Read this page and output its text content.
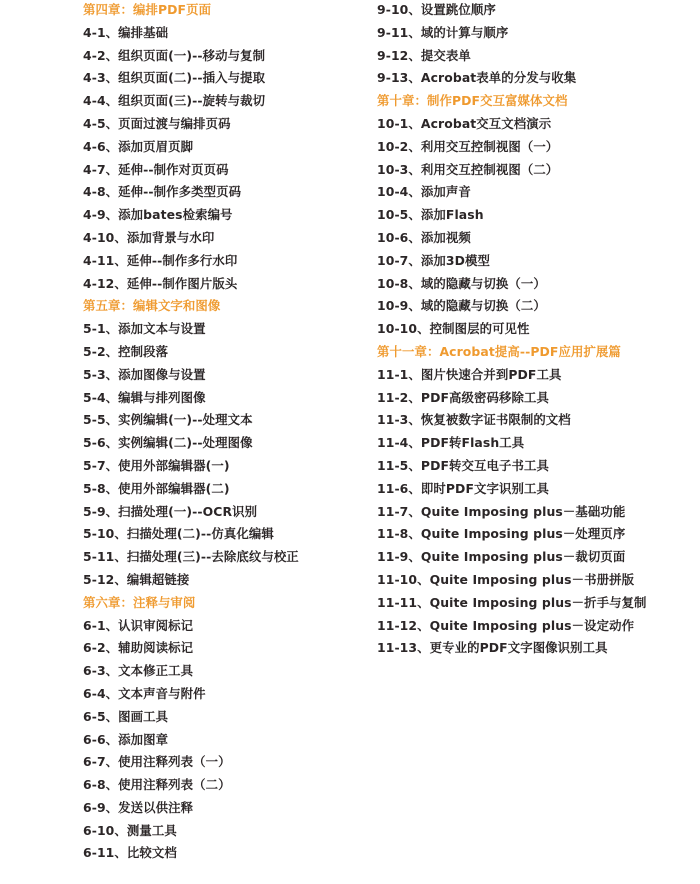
第四章：编排PDF页面
4-1、编排基础
4-2、组织页面(一)--移动与复制
4-3、组织页面(二)--插入与提取
4-4、组织页面(三)--旋转与裁切
4-5、页面过渡与编排页码
4-6、添加页眉页脚
4-7、延伸--制作对页页码
4-8、延伸--制作多类型页码
4-9、添加bates检索编号
4-10、添加背景与水印
4-11、延伸--制作多行水印
4-12、延伸--制作图片版头
第五章：编辑文字和图像
5-1、添加文本与设置
5-2、控制段落
5-3、添加图像与设置
5-4、编辑与排列图像
5-5、实例编辑(一)--处理文本
5-6、实例编辑(二)--处理图像
5-7、使用外部编辑器(一)
5-8、使用外部编辑器(二)
5-9、扫描处理(一)--OCR识别
5-10、扫描处理(二)--仿真化编辑
5-11、扫描处理(三)--去除底纹与校正
5-12、编辑超链接
第六章：注释与审阅
6-1、认识审阅标记
6-2、辅助阅读标记
6-3、文本修正工具
6-4、文本声音与附件
6-5、图画工具
6-6、添加图章
6-7、使用注释列表（一）
6-8、使用注释列表（二）
6-9、发送以供注释
6-10、测量工具
6-11、比较文档
9-10、设置跳位顺序
9-11、域的计算与顺序
9-12、提交表单
9-13、Acrobat表单的分发与收集
第十章：制作PDF交互富媒体文档
10-1、Acrobat交互文档演示
10-2、利用交互控制视图（一）
10-3、利用交互控制视图（二）
10-4、添加声音
10-5、添加Flash
10-6、添加视频
10-7、添加3D模型
10-8、域的隐藏与切换（一）
10-9、域的隐藏与切换（二）
10-10、控制图层的可见性
第十一章：Acrobat提高--PDF应用扩展篇
11-1、图片快速合并到PDF工具
11-2、PDF高级密码移除工具
11-3、恢复被数字证书限制的文档
11-4、PDF转Flash工具
11-5、PDF转交互电子书工具
11-6、即时PDF文字识别工具
11-7、Quite Imposing plus－基础功能
11-8、Quite Imposing plus－处理页序
11-9、Quite Imposing plus－裁切页面
11-10、Quite Imposing plus－书册拼版
11-11、Quite Imposing plus－折手与复制
11-12、Quite Imposing plus－设定动作
11-13、更专业的PDF文字图像识别工具
